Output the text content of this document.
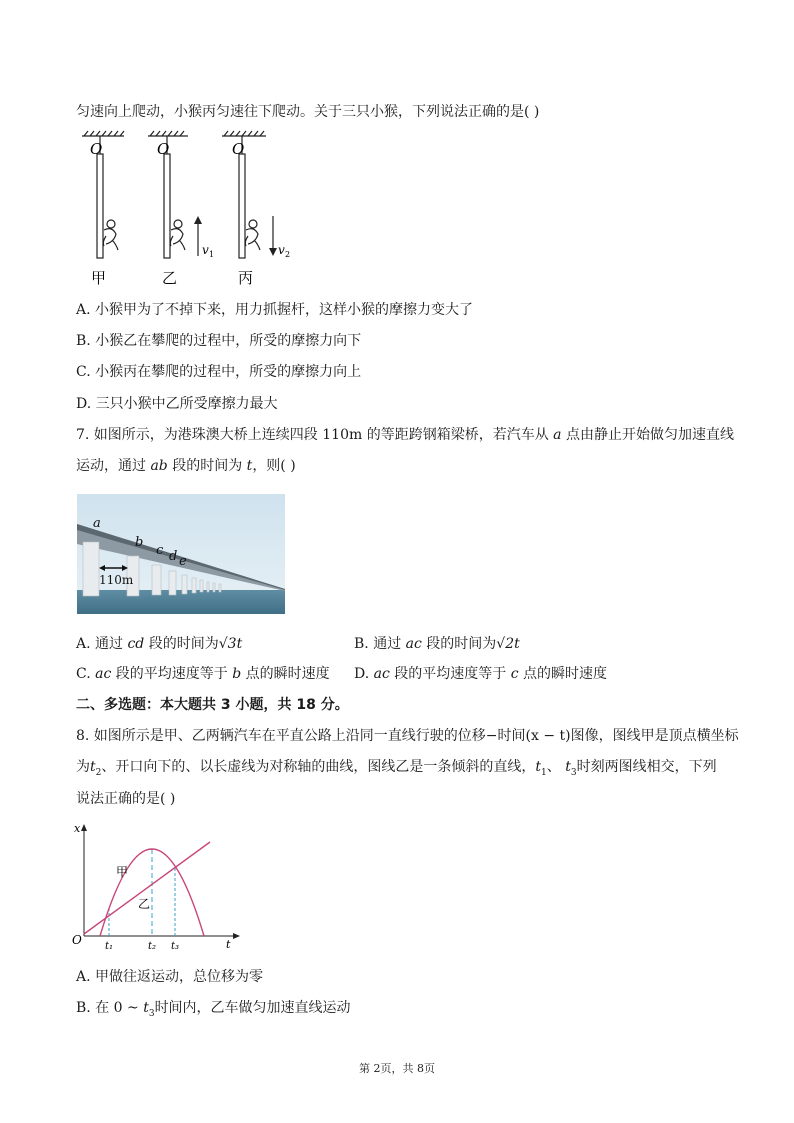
匀速向上爬动，小猴丙匀速往下爬动。关于三只小猴，下列说法正确的是( )
O	O	O
v 1	v 2
甲	乙	丙
A. 小猴甲为了不掉下来，用力抓握杆，这样小猴的摩擦力变大了
B. 小猴乙在攀爬的过程中，所受的摩擦力向下
C. 小猴丙在攀爬的过程中，所受的摩擦力向上
D. 三只小猴中乙所受摩擦力最大
7. 如图所示，为港珠澳大桥上连续四段 110m 的等距跨钢箱梁桥，若汽车从 a 点由静止开始做匀加速直线
运动，通过 ab 段的时间为 t，则( )
a
b
c d e
110m
A. 通过 cd 段的时间为√3t	B. 通过 ac 段的时间为√2t
C. ac 段的平均速度等于 b 点的瞬时速度 D. ac 段的平均速度等于 c 点的瞬时速度
二、多选题：本大题共 3 小题，共 18 分。
8. 如图所示是甲、乙两辆汽车在平直公路上沿同一直线行驶的位移−时间(x − t)图像，图线甲是顶点横坐标
为$t_2$、开口向下的、以长虚线为对称轴的曲线，图线乙是一条倾斜的直线，$t_1$、 $t_3$时刻两图线相交，下列
说法正确的是( )
x
t
O
甲
乙
t₁	t₂ t₃
A. 甲做往返运动，总位移为零
B. 在 0 ~ $t_3$时间内，乙车做匀加速直线运动
第 2页，共 8页
